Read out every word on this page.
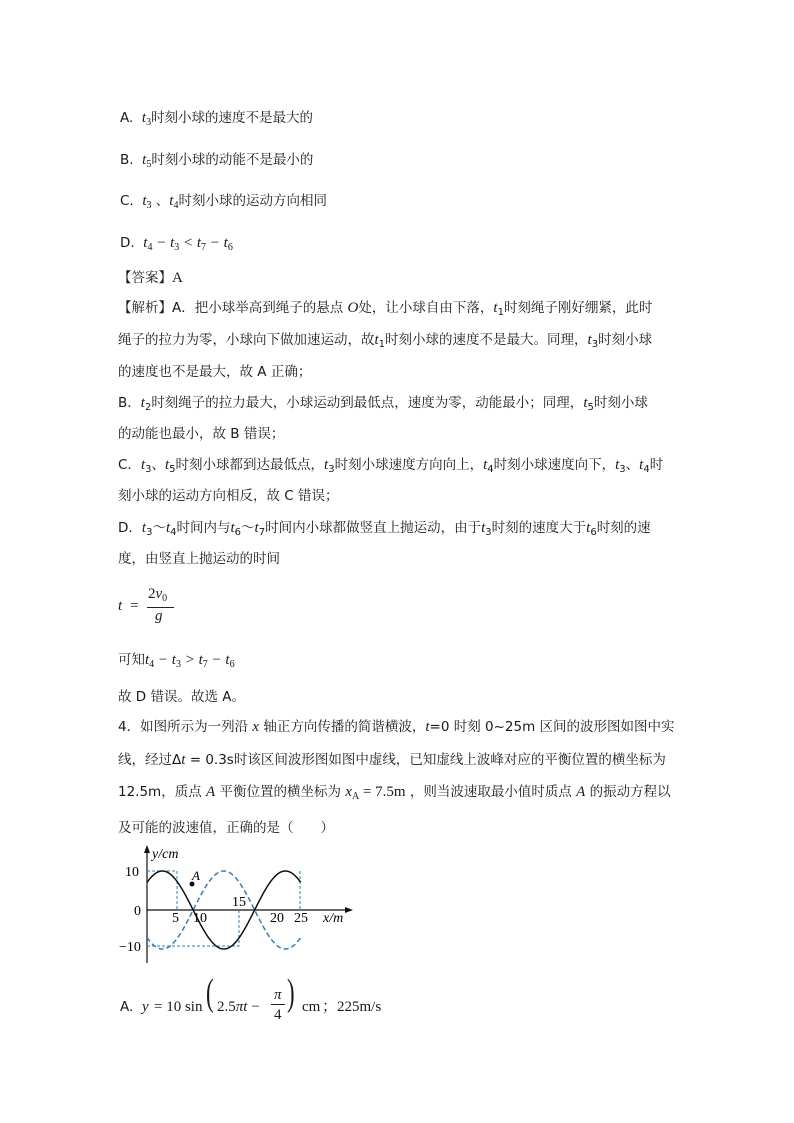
A. $t_3$时刻小球的速度不是最大的
B. $t_5$时刻小球的动能不是最小的
C. $t_3$ 、$t_4$时刻小球的运动方向相同
D. $t_4 - t_3 < t_7 - t_6$
【答案】A
【解析】A．把小球举高到绳子的悬点 O处，让小球自由下落，$t_1$时刻绳子刚好绷紧，此时
绳子的拉力为零，小球向下做加速运动，故$t_1$时刻小球的速度不是最大。同理，$t_3$时刻小球
的速度也不是最大，故 A 正确；
B．$t_2$时刻绳子的拉力最大，小球运动到最低点，速度为零，动能最小；同理，$t_5$时刻小球
的动能也最小，故 B 错误；
C．$t_3$、$t_5$时刻小球都到达最低点，$t_3$时刻小球速度方向向上，$t_4$时刻小球速度向下，$t_3$、$t_4$时
刻小球的运动方向相反，故 C 错误；
D．$t_3\sim t_4$时间内与$t_6\sim t_7$时间内小球都做竖直上抛运动，由于$t_3$时刻的速度大于$t_6$时刻的速
度，由竖直上抛运动的时间
t =
$2v_0$
g
可知$t_4 - t_3 > t_7 - t_6$
故 D 错误。故选 A。
4．如图所示为一列沿 x 轴正方向传播的简谐横波，t=0 时刻 0~25m 区间的波形图如图中实
线，经过Δt = 0.3s时该区间波形图如图中虚线，已知虚线上波峰对应的平衡位置的横坐标为
12.5m，质点 A 平衡位置的横坐标为 $x_A = 7.5m$ ，则当波速取最小值时质点 A 的振动方程以
及可能的波速值，正确的是（　　）
A
y/cm
x/m
10
0
−10
5 10
15
20 25
A. y = 10 sin ( 2.5πt −
π
4
) cm ；225m/s
